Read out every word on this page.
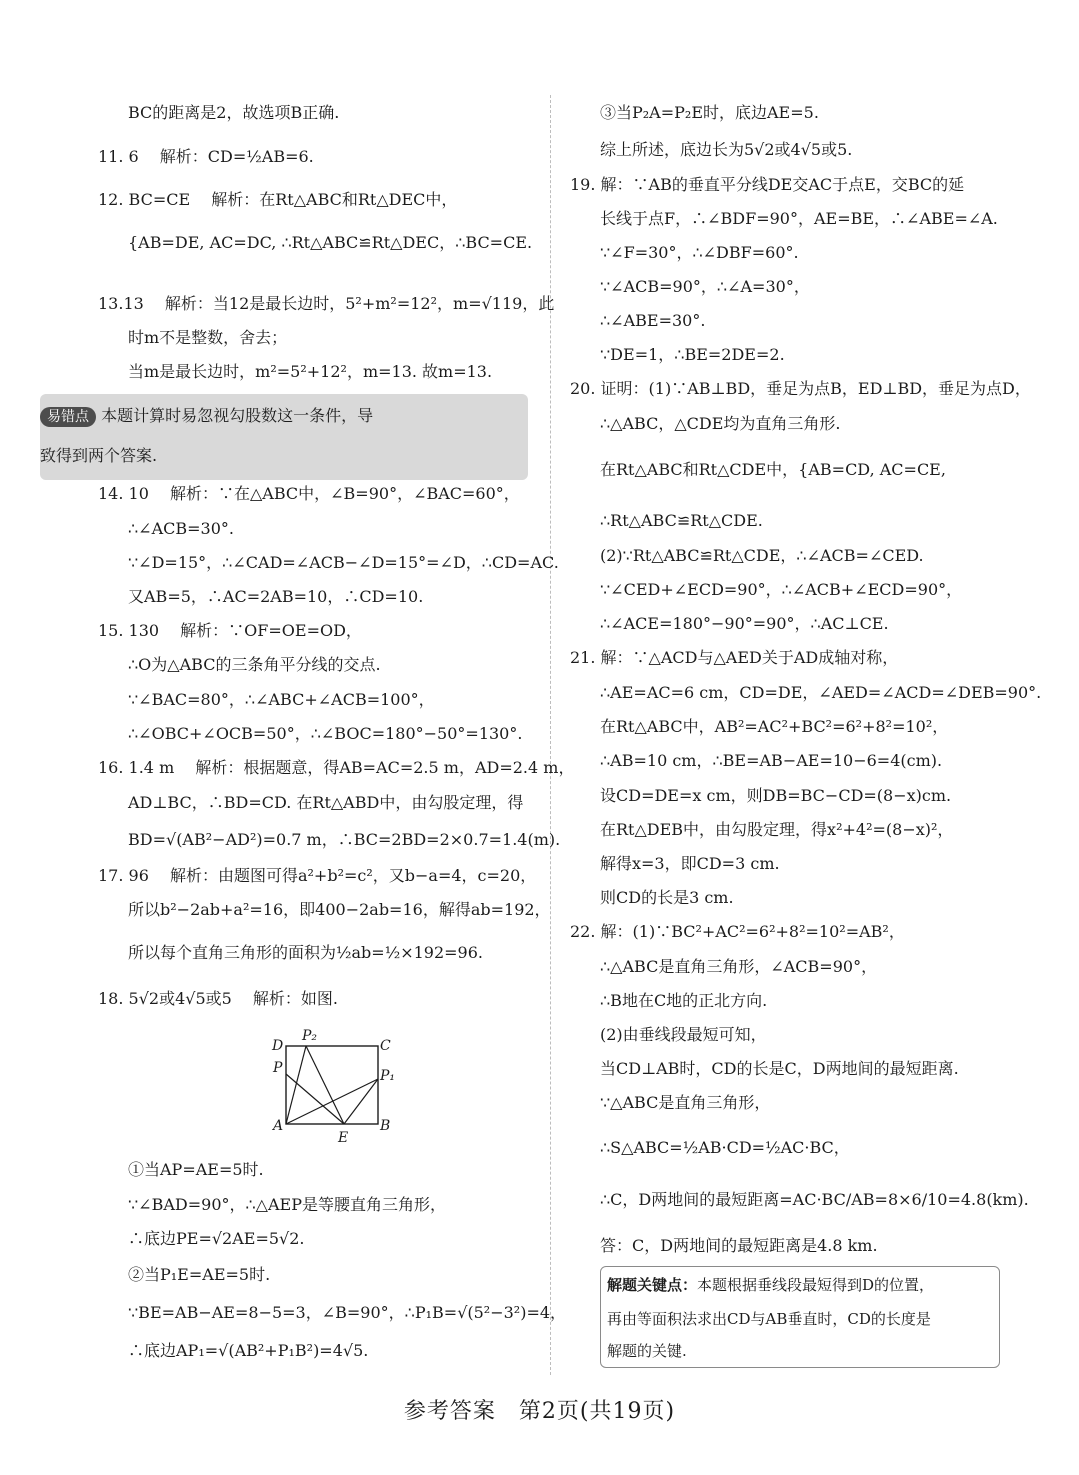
BC的距离是2，故选项B正确.
11. 6　 解析：CD=½AB=6.
12. BC=CE　 解析：在Rt△ABC和Rt△DEC中，
{AB=DE, AC=DC, ∴Rt△ABC≌Rt△DEC，∴BC=CE.
13.13　 解析：当12是最长边时，5²+m²=12²，m=√119，此
时m不是整数，舍去；
当m是最长边时，m²=5²+12²，m=13. 故m=13.
14. 10　 解析：∵在△ABC中，∠B=90°，∠BAC=60°，
∴∠ACB=30°.
∵∠D=15°，∴∠CAD=∠ACB−∠D=15°=∠D，∴CD=AC.
又AB=5，∴AC=2AB=10，∴CD=10.
15. 130　 解析：∵OF=OE=OD，
∴O为△ABC的三条角平分线的交点.
∵∠BAC=80°，∴∠ABC+∠ACB=100°，
∴∠OBC+∠OCB=50°，∴∠BOC=180°−50°=130°.
16. 1.4 m　 解析：根据题意，得AB=AC=2.5 m，AD=2.4 m，
AD⊥BC，∴BD=CD. 在Rt△ABD中，由勾股定理，得
BD=√(AB²−AD²)=0.7 m，∴BC=2BD=2×0.7=1.4(m).
17. 96　 解析：由题图可得a²+b²=c²，又b−a=4，c=20，
所以b²−2ab+a²=16，即400−2ab=16，解得ab=192，
所以每个直角三角形的面积为½ab=½×192=96.
18. 5√2或4√5或5　 解析：如图.
①当AP=AE=5时.
∵∠BAD=90°，∴△AEP是等腰直角三角形，
∴底边PE=√2AE=5√2.
②当P₁E=AE=5时.
∵BE=AB−AE=8−5=3，∠B=90°，∴P₁B=√(5²−3²)=4，
∴底边AP₁=√(AB²+P₁B²)=4√5.
易错点 本题计算时易忽视勾股数这一条件，导
致得到两个答案.
D
P₂
C
P	P₁
A
E
B
③当P₂A=P₂E时，底边AE=5.
综上所述，底边长为5√2或4√5或5.
19. 解：∵AB的垂直平分线DE交AC于点E，交BC的延
长线于点F，∴∠BDF=90°，AE=BE，∴∠ABE=∠A.
∵∠F=30°，∴∠DBF=60°.
∵∠ACB=90°，∴∠A=30°，
∴∠ABE=30°.
∵DE=1，∴BE=2DE=2.
20. 证明：(1)∵AB⊥BD，垂足为点B，ED⊥BD，垂足为点D，
∴△ABC，△CDE均为直角三角形.
在Rt△ABC和Rt△CDE中，{AB=CD, AC=CE,
∴Rt△ABC≌Rt△CDE.
(2)∵Rt△ABC≌Rt△CDE，∴∠ACB=∠CED.
∵∠CED+∠ECD=90°，∴∠ACB+∠ECD=90°，
∴∠ACE=180°−90°=90°，∴AC⊥CE.
21. 解：∵△ACD与△AED关于AD成轴对称，
∴AE=AC=6 cm，CD=DE，∠AED=∠ACD=∠DEB=90°.
在Rt△ABC中，AB²=AC²+BC²=6²+8²=10²，
∴AB=10 cm，∴BE=AB−AE=10−6=4(cm).
设CD=DE=x cm，则DB=BC−CD=(8−x)cm.
在Rt△DEB中，由勾股定理，得x²+4²=(8−x)²，
解得x=3，即CD=3 cm.
则CD的长是3 cm.
22. 解：(1)∵BC²+AC²=6²+8²=10²=AB²，
∴△ABC是直角三角形，∠ACB=90°，
∴B地在C地的正北方向.
(2)由垂线段最短可知，
当CD⊥AB时，CD的长是C，D两地间的最短距离.
∵△ABC是直角三角形，
∴S△ABC=½AB·CD=½AC·BC，
∴C，D两地间的最短距离=AC·BC/AB=8×6/10=4.8(km).
答：C，D两地间的最短距离是4.8 km.
解题关键点：本题根据垂线段最短得到D的位置，
再由等面积法求出CD与AB垂直时，CD的长度是
解题的关键.
参考答案　第2页(共19页)
